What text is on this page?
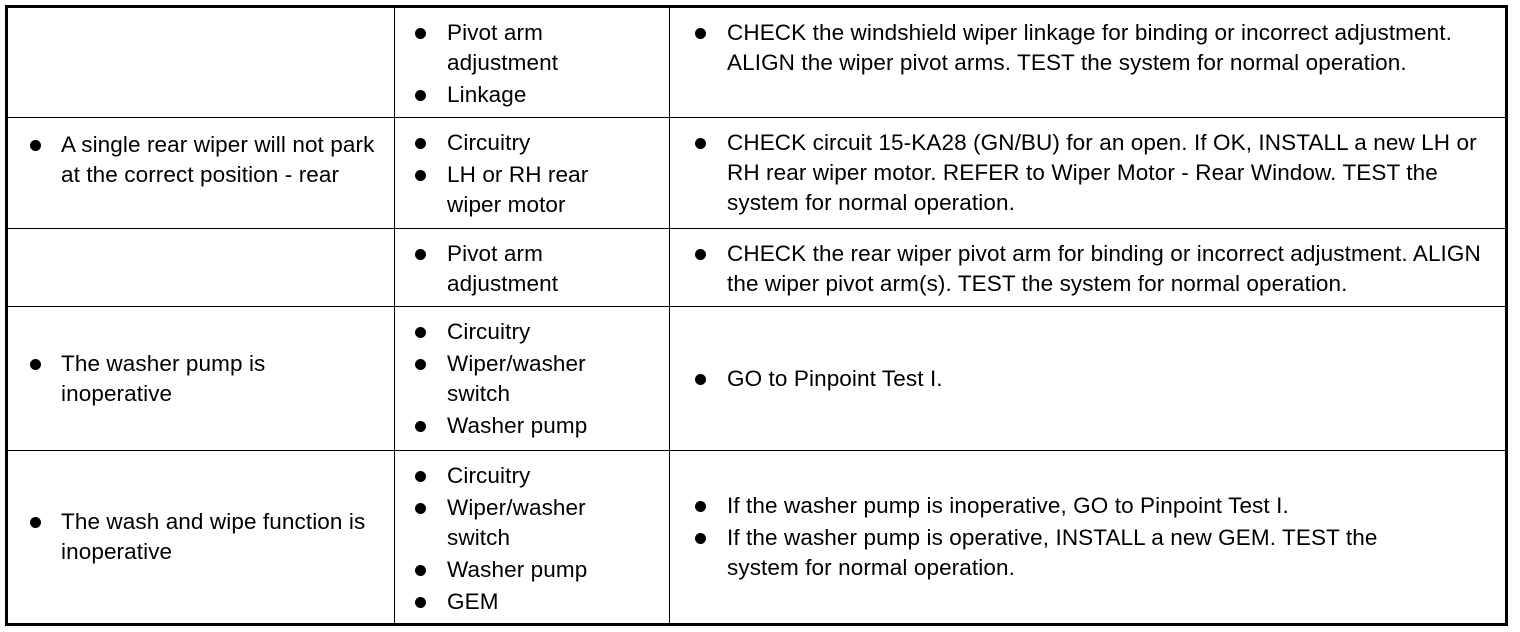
Pivot arm adjustment
Linkage
CHECK the windshield wiper linkage for binding or incorrect adjustment. ALIGN the wiper pivot arms. TEST the system for normal operation.
A single rear wiper will not park at the correct position - rear
Circuitry
LH or RH rear wiper motor
CHECK circuit 15-KA28 (GN/BU) for an open. If OK, INSTALL a new LH or RH rear wiper motor. REFER to Wiper Motor - Rear Window. TEST the system for normal operation.
Pivot arm adjustment
CHECK the rear wiper pivot arm for binding or incorrect adjustment. ALIGN the wiper pivot arm(s). TEST the system for normal operation.
The washer pump is inoperative
Circuitry
Wiper/washer switch
Washer pump
GO to Pinpoint Test I.
The wash and wipe function is inoperative
Circuitry
Wiper/washer switch
Washer pump
GEM
If the washer pump is inoperative, GO to Pinpoint Test I.
If the washer pump is operative, INSTALL a new GEM. TEST the system for normal operation.
